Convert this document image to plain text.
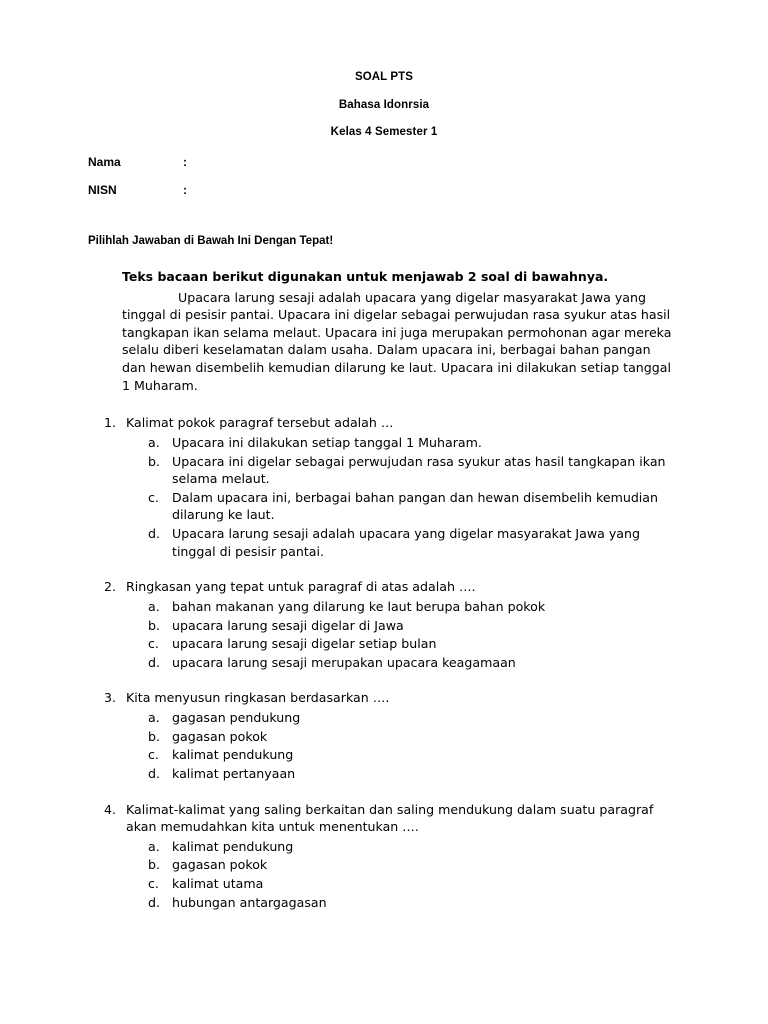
SOAL PTS
Bahasa Idonrsia
Kelas 4 Semester 1
Nama	:
NISN	:
Pilihlah Jawaban di Bawah Ini Dengan Tepat!
Teks bacaan berikut digunakan untuk menjawab 2 soal di bawahnya.
Upacara larung sesaji adalah upacara yang digelar masyarakat Jawa yang tinggal di pesisir pantai. Upacara ini digelar sebagai perwujudan rasa syukur atas hasil tangkapan ikan selama melaut. Upacara ini juga merupakan permohonan agar mereka selalu diberi keselamatan dalam usaha. Dalam upacara ini, berbagai bahan pangan dan hewan disembelih kemudian dilarung ke laut. Upacara ini dilakukan setiap tanggal 1 Muharam.
1. Kalimat pokok paragraf tersebut adalah …
a. Upacara ini dilakukan setiap tanggal 1 Muharam.
b. Upacara ini digelar sebagai perwujudan rasa syukur atas hasil tangkapan ikan selama melaut.
c.	Dalam upacara ini, berbagai bahan pangan dan hewan disembelih kemudian dilarung ke laut.
d. Upacara larung sesaji adalah upacara yang digelar masyarakat Jawa yang tinggal di pesisir pantai.
2. Ringkasan yang tepat untuk paragraf di atas adalah ….
a. bahan makanan yang dilarung ke laut berupa bahan pokok
b. upacara larung sesaji digelar di Jawa
c.	upacara larung sesaji digelar setiap bulan
d. upacara larung sesaji merupakan upacara keagamaan
3. Kita menyusun ringkasan berdasarkan ….
a. gagasan pendukung
b. gagasan pokok
c.	kalimat pendukung
d. kalimat pertanyaan
4. Kalimat-kalimat yang saling berkaitan dan saling mendukung dalam suatu paragraf akan memudahkan kita untuk menentukan ….
a. kalimat pendukung
b. gagasan pokok
c.	kalimat utama
d. hubungan antargagasan
